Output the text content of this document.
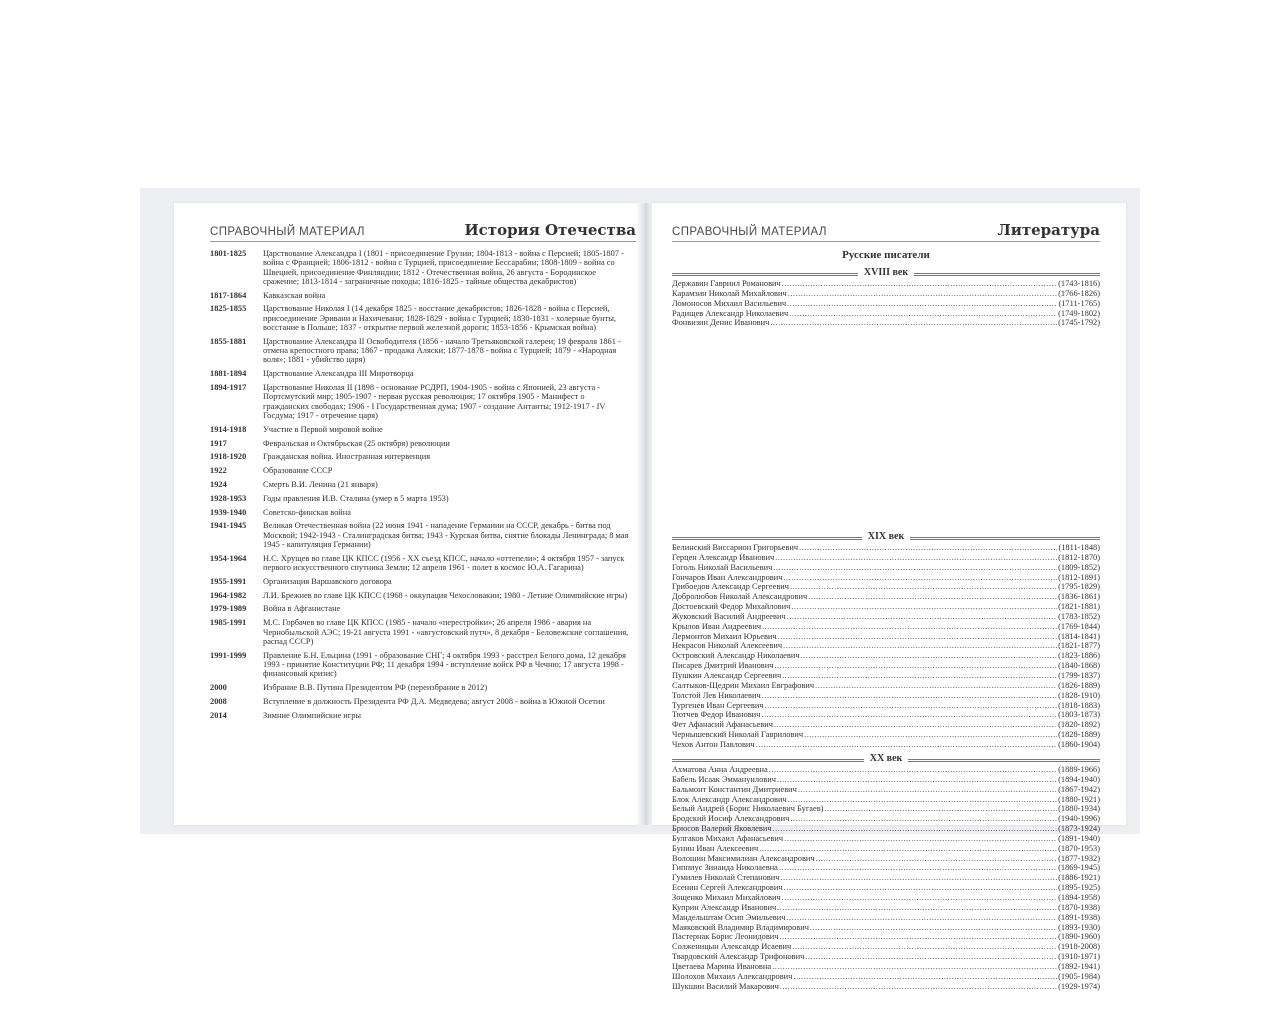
СПРАВОЧНЫЙ МАТЕРИАЛ	История Отечества
1801-1825	Царствование Александра I (1801 - присоединение Грузии; 1804-1813 - война с Персией; 1805-1807 - война с Францией; 1806-1812 - война с Турцией, присоединение Бессарабии; 1808-1809 - война со Швецией, присоединение Финляндии; 1812 - Отечественная война, 26 августа - Бородинское сражение; 1813-1814 - заграничные походы; 1816-1825 - тайные общества декабристов)
1817-1864	Кавказская война
1825-1855	Царствование Николая I (14 декабря 1825 - восстание декабристов; 1826-1828 - война с Персией, присоединение Эривани и Нахичевани; 1828-1829 - война с Турцией; 1830-1831 - холерные бунты, восстание в Польше; 1837 - открытие первой железной дороги; 1853-1856 - Крымская война)
1855-1881	Царствование Александра II Освободителя (1856 - начало Третьяковской галереи; 19 февраля 1861 - отмена крепостного права; 1867 - продажа Аляски; 1877-1878 - война с Турцией; 1879 - «Народная воля»; 1881 - убийство царя)
1881-1894	Царствование Александра III Миротворца
1894-1917	Царствование Николая II (1898 - основание РСДРП, 1904-1905 - война с Японией, 23 августа - Портсмутский мир; 1905-1907 - первая русская революция; 17 октября 1905 - Манифест о гражданских свободах; 1906 - I Государственная дума; 1907 - создание Антанты; 1912-1917 - IV Госдума; 1917 - отречение царя)
1914-1918	Участие в Первой мировой войне
1917	Февральская и Октябрьская (25 октября) революции
1918-1920	Гражданская война. Иностранная интервенция
1922	Образование СССР
1924	Смерть В.И. Ленина (21 января)
1928-1953	Годы правления И.В. Сталина (умер в 5 марта 1953)
1939-1940	Советско-финская война
1941-1945	Великая Отечественная война (22 июня 1941 - нападение Германии на СССР, декабрь - битва под Москвой; 1942-1943 - Сталинградская битва; 1943 - Курская битва, снятие блокады Ленинграда; 8 мая 1945 - капитуляция Германии)
1954-1964	Н.С. Хрущев во главе ЦК КПСС (1956 - XX съезд КПСС, начало «оттепели»; 4 октября 1957 - запуск первого искусственного спутника Земли; 12 апреля 1961 - полет в космос Ю.А. Гагарина)
1955-1991	Организация Варшавского договора
1964-1982	Л.И. Брежнев во главе ЦК КПСС (1968 - оккупация Чехословакии; 1980 - Летние Олимпийские игры)
1979-1989	Война в Афганистане
1985-1991	М.С. Горбачев во главе ЦК КПСС (1985 - начало «перестройки»; 26 апреля 1986 - авария на Чернобыльской АЭС; 19-21 августа 1991 - «августовский путч», 8 декабря - Беловежские соглашения, распад СССР)
1991-1999	Правление Б.Н. Ельцина (1991 - образование СНГ; 4 октября 1993 - расстрел Белого дома, 12 декабря 1993 - принятие Конституции РФ; 11 декабря 1994 - вступление войск РФ в Чечню; 17 августа 1998 - финансовый кризис)
2000	Избрание В.В. Путина Президентом РФ (переизбрание в 2012)
2008	Вступление в должность Президента РФ Д.А. Медведева; август 2008 - война в Южной Осетии
2014	Зимние Олимпийские игры
СПРАВОЧНЫЙ МАТЕРИАЛ	Литература
Русские писатели
XVIII век
Державин Гавриил Романович .....	(1743-1816)
Карамзин Николай Михайлович .....	(1766-1826)
Ломоносов Михаил Васильевич .....	(1711-1765)
Радищев Александр Николаевич .....	(1749-1802)
Фонвизин Денис Иванович .....	(1745-1792)
XIX век
Белинский Виссарион Григорьевич .....	(1811-1848)
Герцен Александр Иванович .....	(1812-1870)
Гоголь Николай Васильевич .....	(1809-1852)
Гончаров Иван Александрович .....	(1812-1891)
Грибоедов Александр Сергеевич .....	(1795-1829)
Добролюбов Николай Александрович .....	(1836-1861)
Достоевский Федор Михайлович .....	(1821-1881)
Жуковский Василий Андреевич .....	(1783-1852)
Крылов Иван Андреевич .....	(1769-1844)
Лермонтов Михаил Юрьевич .....	(1814-1841)
Некрасов Николай Алексеевич .....	(1821-1877)
Островский Александр Николаевич .....	(1823-1886)
Писарев Дмитрий Иванович .....	(1840-1868)
Пушкин Александр Сергеевич .....	(1799-1837)
Салтыков-Щедрин Михаил Евграфович .....	(1826-1889)
Толстой Лев Николаевич .....	(1828-1910)
Тургенев Иван Сергеевич .....	(1818-1883)
Тютчев Федор Иванович .....	(1803-1873)
Фет Афанасий Афанасьевич .....	(1820-1892)
Чернышевский Николай Гаврилович .....	(1828-1889)
Чехов Антон Павлович .....	(1860-1904)
XX век
Ахматова Анна Андреевна .....	(1889-1966)
Бабель Исаак Эммануилович .....	(1894-1940)
Бальмонт Константин Дмитриевич .....	(1867-1942)
Блок Александр Александрович .....	(1880-1921)
Белый Андрей (Борис Николаевич Бугаев) .....	(1880-1934)
Бродский Иосиф Александрович .....	(1940-1996)
Брюсов Валерий Яковлевич .....	(1873-1924)
Булгаков Михаил Афанасьевич .....	(1891-1940)
Бунин Иван Алексеевич .....	(1870-1953)
Волошин Максимилиан Александрович .....	(1877-1932)
Гиппиус Зинаида Николаевна .....	(1869-1945)
Гумилев Николай Степанович .....	(1886-1921)
Есенин Сергей Александрович .....	(1895-1925)
Зощенко Михаил Михайлович .....	(1894-1958)
Куприн Александр Иванович .....	(1870-1938)
Мандельштам Осип Эмильевич .....	(1891-1938)
Маяковский Владимир Владимирович .....	(1893-1930)
Пастернак Борис Леонидович .....	(1890-1960)
Солженицын Александр Исаевич .....	(1918-2008)
Твардовский Александр Трифонович .....	(1910-1971)
Цветаева Марина Ивановна .....	(1892-1941)
Шолохов Михаил Александрович .....	(1905-1984)
Шукшин Василий Макарович .....	(1929-1974)
